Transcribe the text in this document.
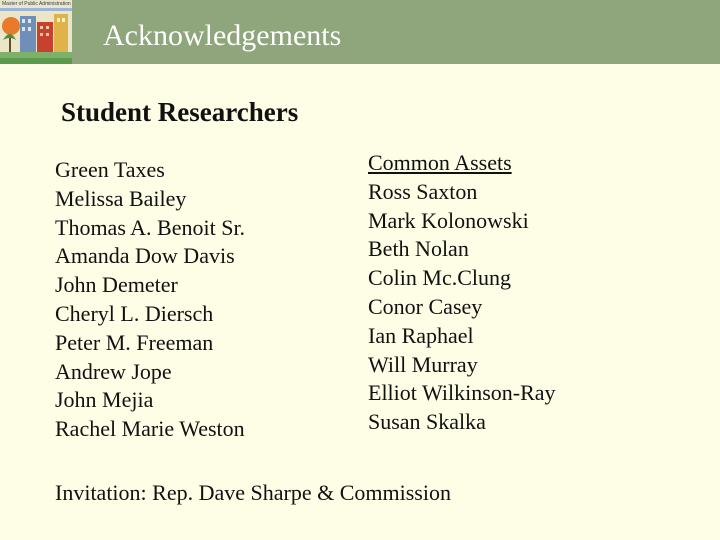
Master of Public Administration
Acknowledgements
Student Researchers
Green Taxes
Melissa Bailey
Thomas A. Benoit Sr.
Amanda Dow Davis
John Demeter
Cheryl L. Diersch
Peter M. Freeman
Andrew Jope
John Mejia
Rachel Marie Weston
Common Assets
Ross Saxton
Mark Kolonowski
Beth Nolan
Colin Mc.Clung
Conor Casey
Ian Raphael
Will Murray
Elliot Wilkinson-Ray
Susan Skalka
Invitation: Rep. Dave Sharpe & Commission
